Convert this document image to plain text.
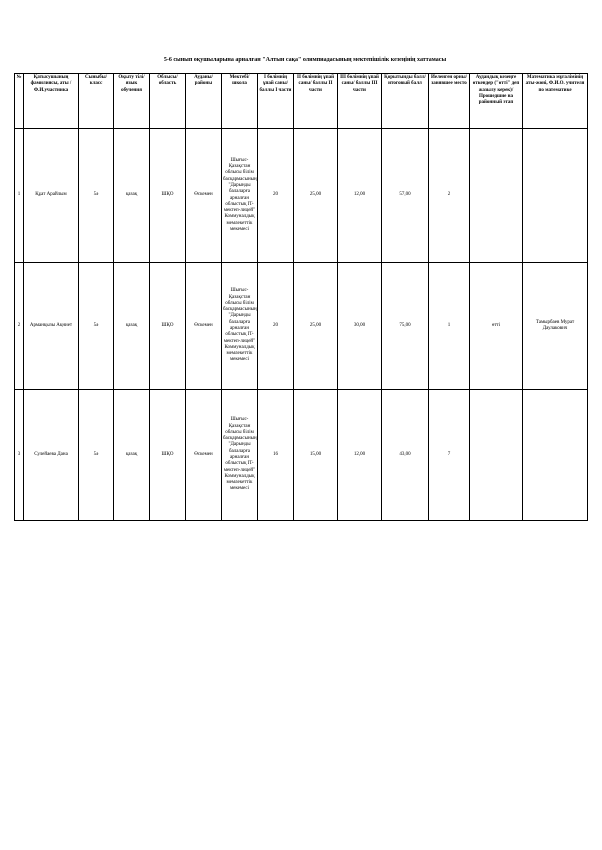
5-6 сынып оқушыларына арналған "Алтын сақа" олимпиадасының мектепішілік кезеңінің хаттамасы
№	Қатысушының фамилиясы, аты /Ф.И.участника	Сыныбы/класс	Оқыту тілі/ язык обучения	Облысы/ область	Ауданы/ районы	Мектебі/ школа	І бөлімнің ұпай саны/ баллы I части	ІІ бөлімнің ұпай саны/ баллы II части	ІІІ бөлімнің ұпай саны/ баллы III части	Қорытынды балл/ итоговый балл	Иеленген орны/ занявшее место	Аудандық кезеңге өткендер ("өтті" деп жазылу керек)/ Прошедшие на районный этап	Математика мұғалімінің аты-жөні, Ф.И.О. учителя по математике
1	Құат Арайлым	5ә	қазақ	ШҚО	Өскемен	Шығыс-Қазақстан облысы білім басқармасының "Дарынды балаларға арналған облыстық IT-мектеп-лицей" Коммуналдық мемлекеттік мекемесі	20	25,00	12,00	57,00	2		
2	Арманқызы Ақниет	5ә	қазақ	ШҚО	Өскемен	Шығыс-Қазақстан облысы білім басқармасының "Дарынды балаларға арналған облыстық IT-мектеп-лицей" Коммуналдық мемлекеттік мекемесі	20	25,00	30,00	75,00	1	өтті	Тамырбаев Мурат Даулакович
3	Сулейаева Дана	5ә	қазақ	ШҚО	Өскемен	Шығыс-Қазақстан облысы білім басқармасының "Дарынды балаларға арналған облыстық IT-мектеп-лицей" Коммуналдық мемлекеттік мекемесі	16	15,00	12,00	43,00	7		
